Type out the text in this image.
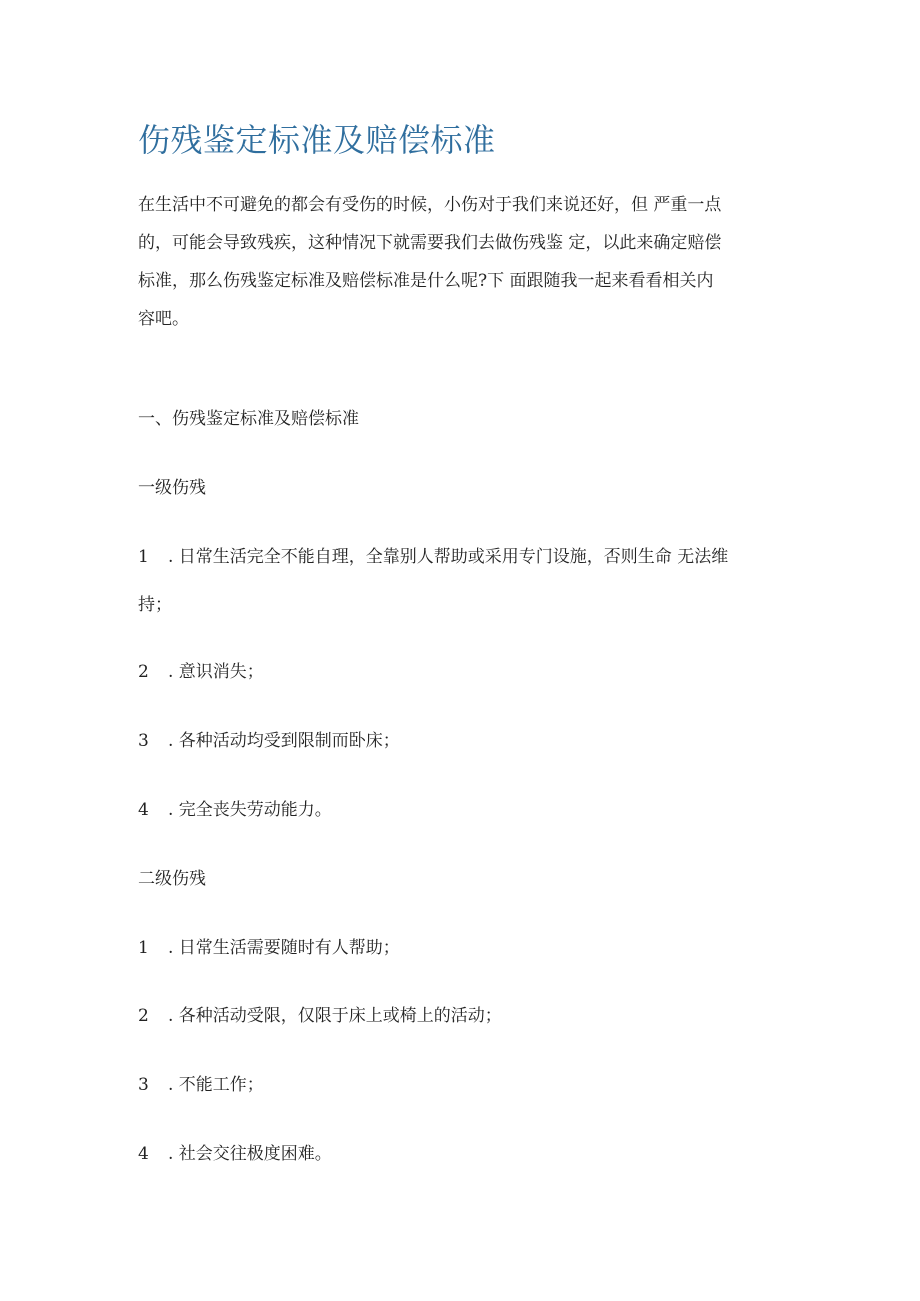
伤残鉴定标准及赔偿标准

在生活中不可避免的都会有受伤的时候，小伤对于我们来说还好，但 严重一点
的，可能会导致残疾，这种情况下就需要我们去做伤残鉴 定，以此来确定赔偿
标准，那么伤残鉴定标准及赔偿标准是什么呢?下 面跟随我一起来看看相关内
容吧。

一、伤残鉴定标准及赔偿标准

一级伤残

1 . 日常生活完全不能自理，全靠别人帮助或采用专门设施，否则生命 无法维

持；

2 . 意识消失；

3 . 各种活动均受到限制而卧床；

4 . 完全丧失劳动能力。

二级伤残

1 . 日常生活需要随时有人帮助；

2 . 各种活动受限，仅限于床上或椅上的活动；

3 . 不能工作；

4 . 社会交往极度困难。
